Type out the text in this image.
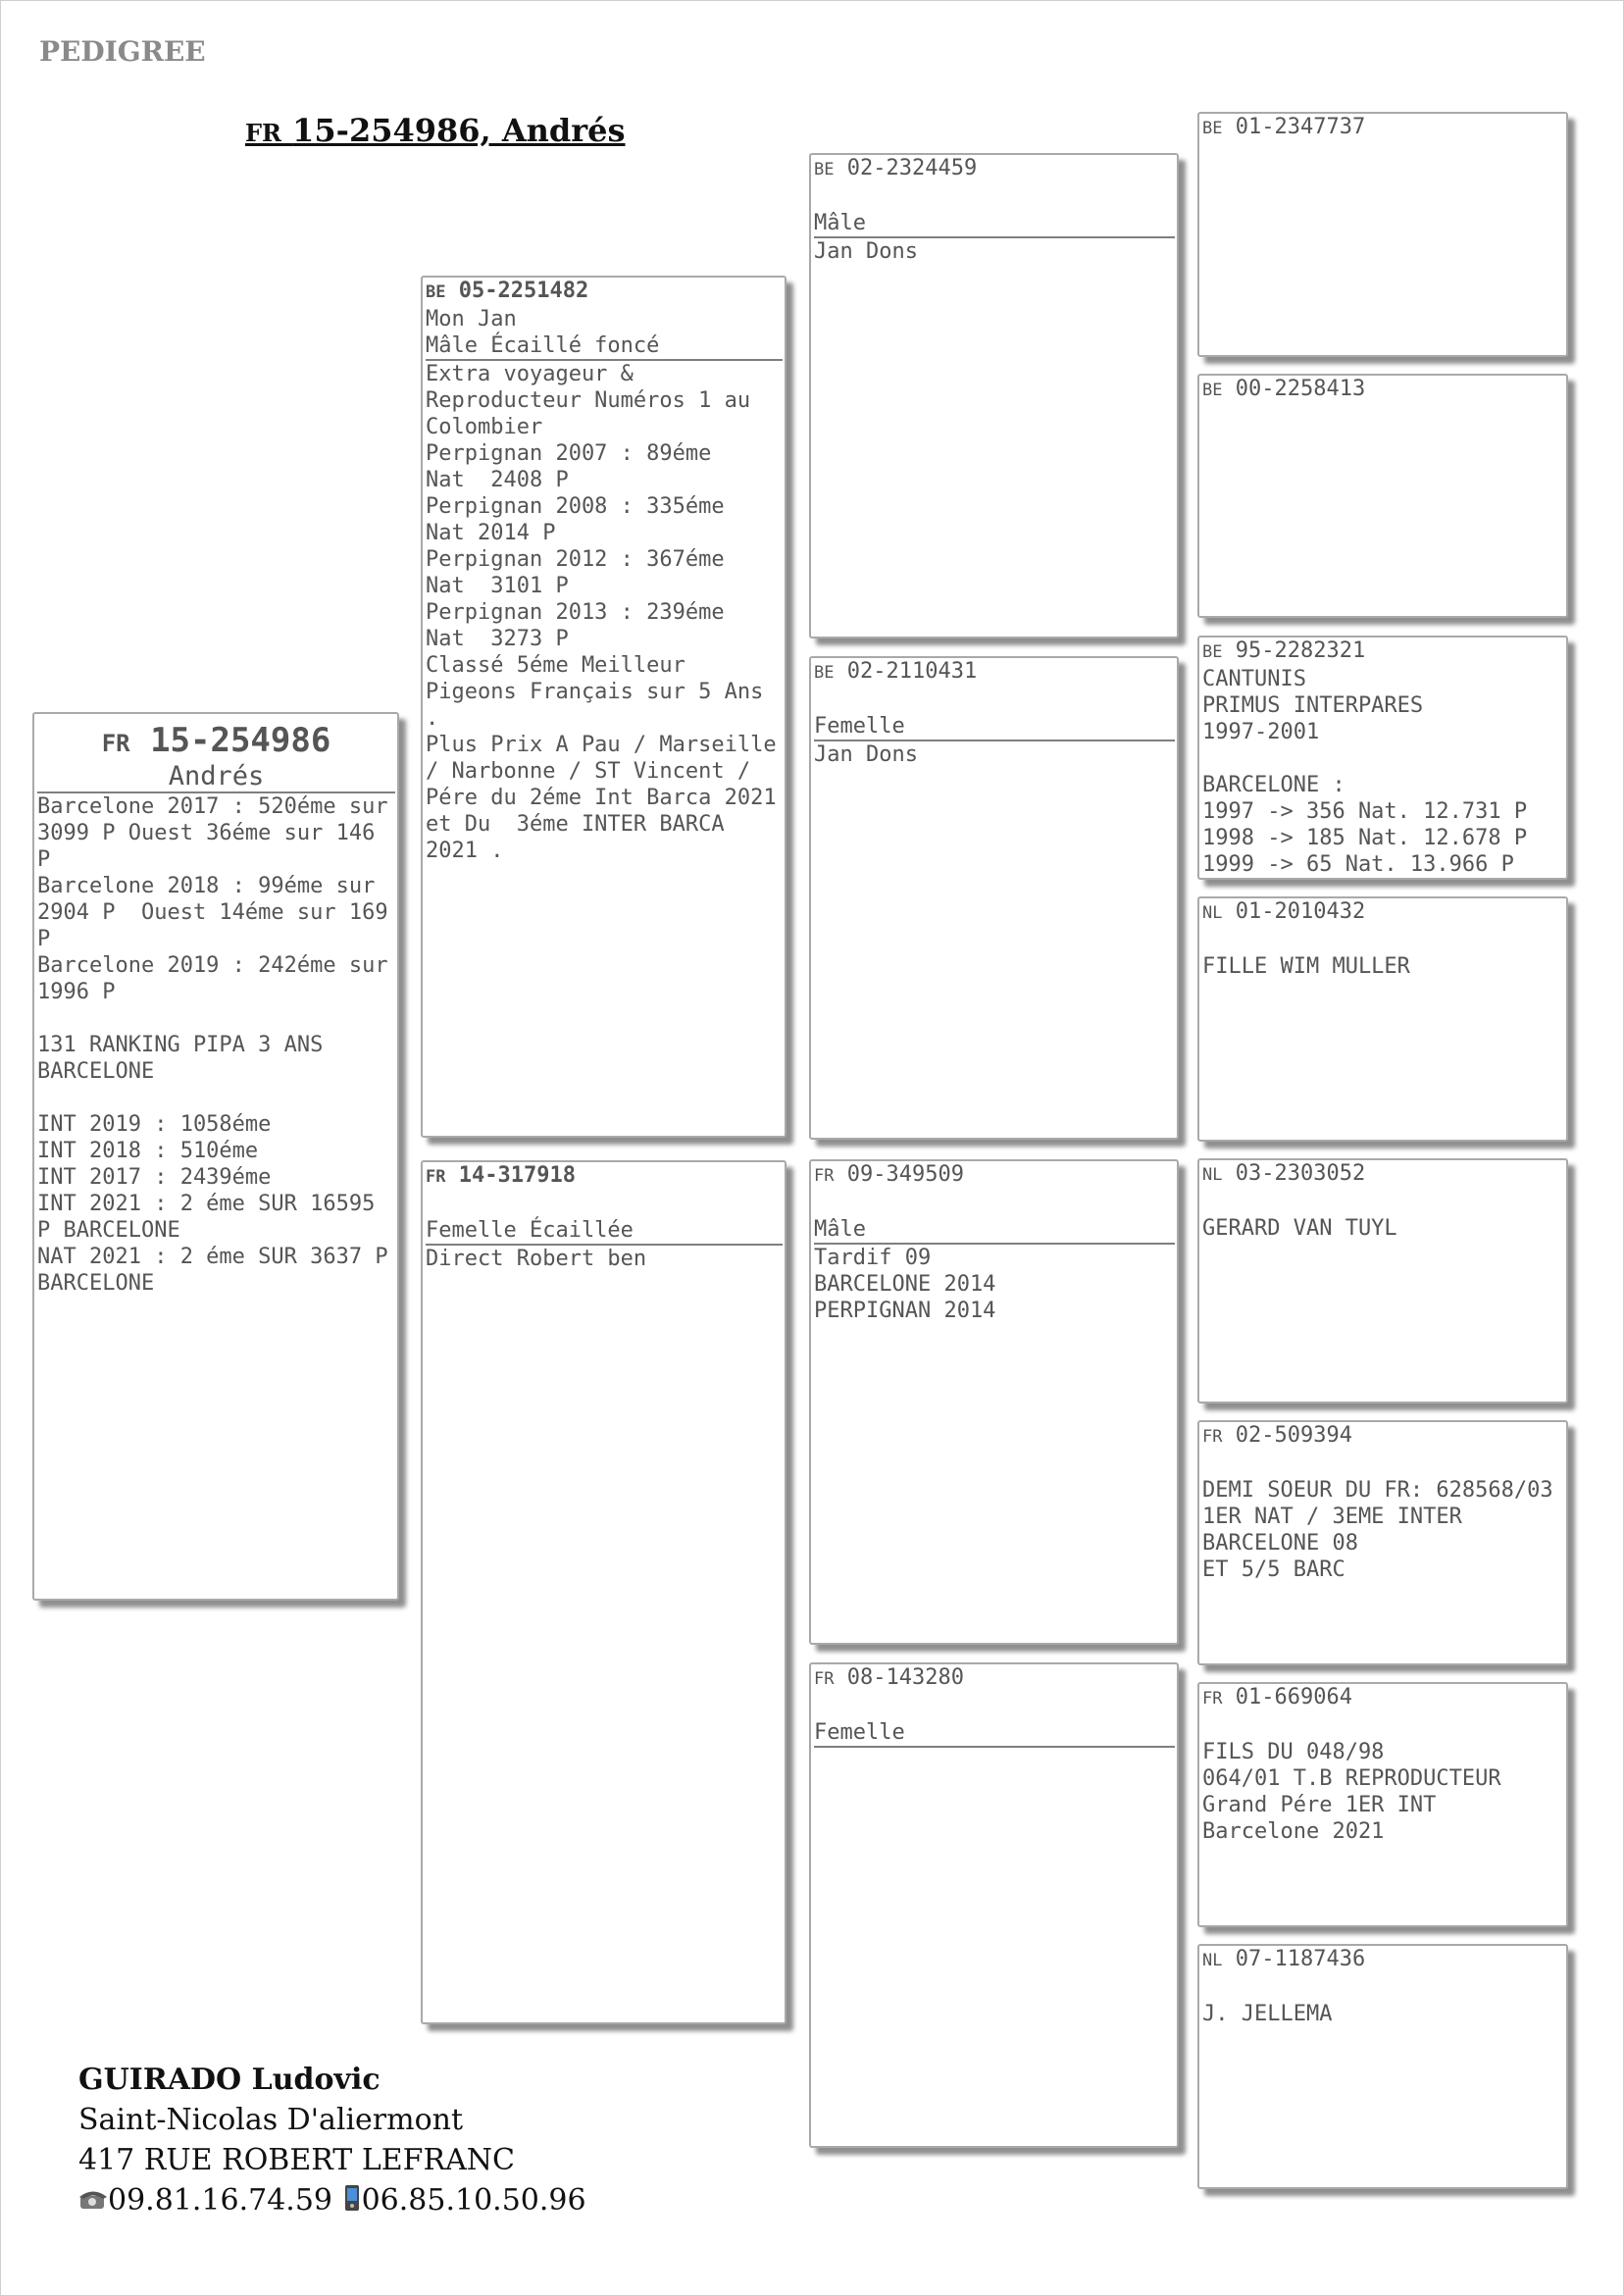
PEDIGREE
FR 15-254986, Andrés
FR 15-254986
Andrés
Barcelone 2017 : 520éme sur 3099 P Ouest 36éme sur 146 P
Barcelone 2018 : 99éme sur 2904 P  Ouest 14éme sur 169 P
Barcelone 2019 : 242éme sur 1996 P

131 RANKING PIPA 3 ANS BARCELONE

INT 2019 : 1058éme
INT 2018 : 510éme
INT 2017 : 2439éme
INT 2021 : 2 éme SUR 16595 P BARCELONE
NAT 2021 : 2 éme SUR 3637 P  BARCELONE
BE 05-2251482
Mon Jan
Mâle Écaillé foncé
Extra voyageur & Reproducteur Numéros 1 au Colombier
Perpignan 2007 : 89éme
Nat  2408 P
Perpignan 2008 : 335éme
Nat 2014 P
Perpignan 2012 : 367éme
Nat  3101 P
Perpignan 2013 : 239éme
Nat  3273 P
Classé 5éme Meilleur Pigeons Français sur 5 Ans .
Plus Prix A Pau / Marseille / Narbonne / ST Vincent /
Pére du 2éme Int Barca 2021 et Du  3éme INTER BARCA 2021 .
FR 14-317918
Femelle Écaillée
Direct Robert ben
BE 02-2324459
Mâle
Jan Dons
BE 02-2110431
Femelle
Jan Dons
FR 09-349509
Mâle
Tardif 09
BARCELONE 2014
PERPIGNAN 2014
FR 08-143280
Femelle
BE 01-2347737
BE 00-2258413
BE 95-2282321
CANTUNIS
PRIMUS INTERPARES
1997-2001

BARCELONE :
1997 -> 356 Nat. 12.731 P
1998 -> 185 Nat. 12.678 P
1999 -> 65 Nat. 13.966 P
NL 01-2010432

FILLE WIM MULLER
NL 03-2303052

GERARD VAN TUYL
FR 02-509394

DEMI SOEUR DU FR: 628568/03
1ER NAT / 3EME INTER BARCELONE 08
ET 5/5 BARC
FR 01-669064

FILS DU 048/98
064/01 T.B REPRODUCTEUR
Grand Pére 1ER INT Barcelone 2021
NL 07-1187436

J. JELLEMA
GUIRADO Ludovic
Saint-Nicolas D'aliermont
417 RUE ROBERT LEFRANC
09.81.16.74.59 06.85.10.50.96
